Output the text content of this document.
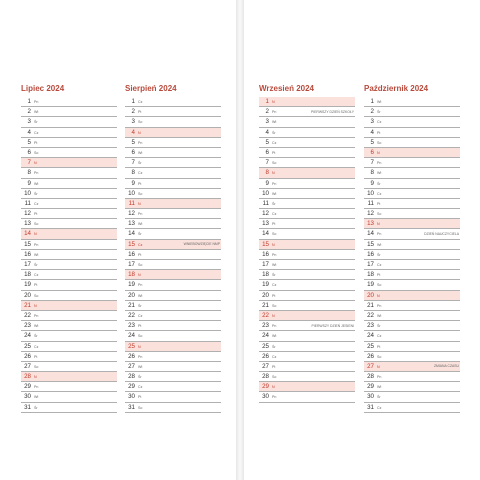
Lipiec 2024
1 Pn
2 Wt
3 Śr
4 Cz
5 Pt
6 So
7 N
8 Pn
9 Wt
10 Śr
11 Cz
12 Pt
13 So
14 N
15 Pn
16 Wt
17 Śr
18 Cz
19 Pt
20 So
21 N
22 Pn
23 Wt
24 Śr
25 Cz
26 Pt
27 So
28 N
29 Pn
30 Wt
31 Śr
Sierpień 2024
1 Cz
2 Pt
3 So
4 N
5 Pn
6 Wt
7 Śr
8 Cz
9 Pt
10 So
11 N
12 Pn
13 Wt
14 Śr
15 Cz	WNIEBOWZIĘCIE NMP
16 Pt
17 So
18 N
19 Pn
20 Wt
21 Śr
22 Cz
23 Pt
24 So
25 N
26 Pn
27 Wt
28 Śr
29 Cz
30 Pt
31 So
Wrzesień 2024
1 N
2 Pn	PIERWSZY DZIEŃ SZKOŁY
3 Wt
4 Śr
5 Cz
6 Pt
7 So
8 N
9 Pn
10 Wt
11 Śr
12 Cz
13 Pt
14 So
15 N
16 Pn
17 Wt
18 Śr
19 Cz
20 Pt
21 So
22 N
23 Pn	PIERWSZY DZIEŃ JESIENI
24 Wt
25 Śr
26 Cz
27 Pt
28 So
29 N
30 Pn
Październik 2024
1 Wt
2 Śr
3 Cz
4 Pt
5 So
6 N
7 Pn
8 Wt
9 Śr
10 Cz
11 Pt
12 So
13 N
14 Pn	DZIEŃ NAUCZYCIELA
15 Wt
16 Śr
17 Cz
18 Pt
19 So
20 N
21 Pn
22 Wt
23 Śr
24 Cz
25 Pt
26 So
27 N	ZMIANA CZASU
28 Pn
29 Wt
30 Śr
31 Cz
